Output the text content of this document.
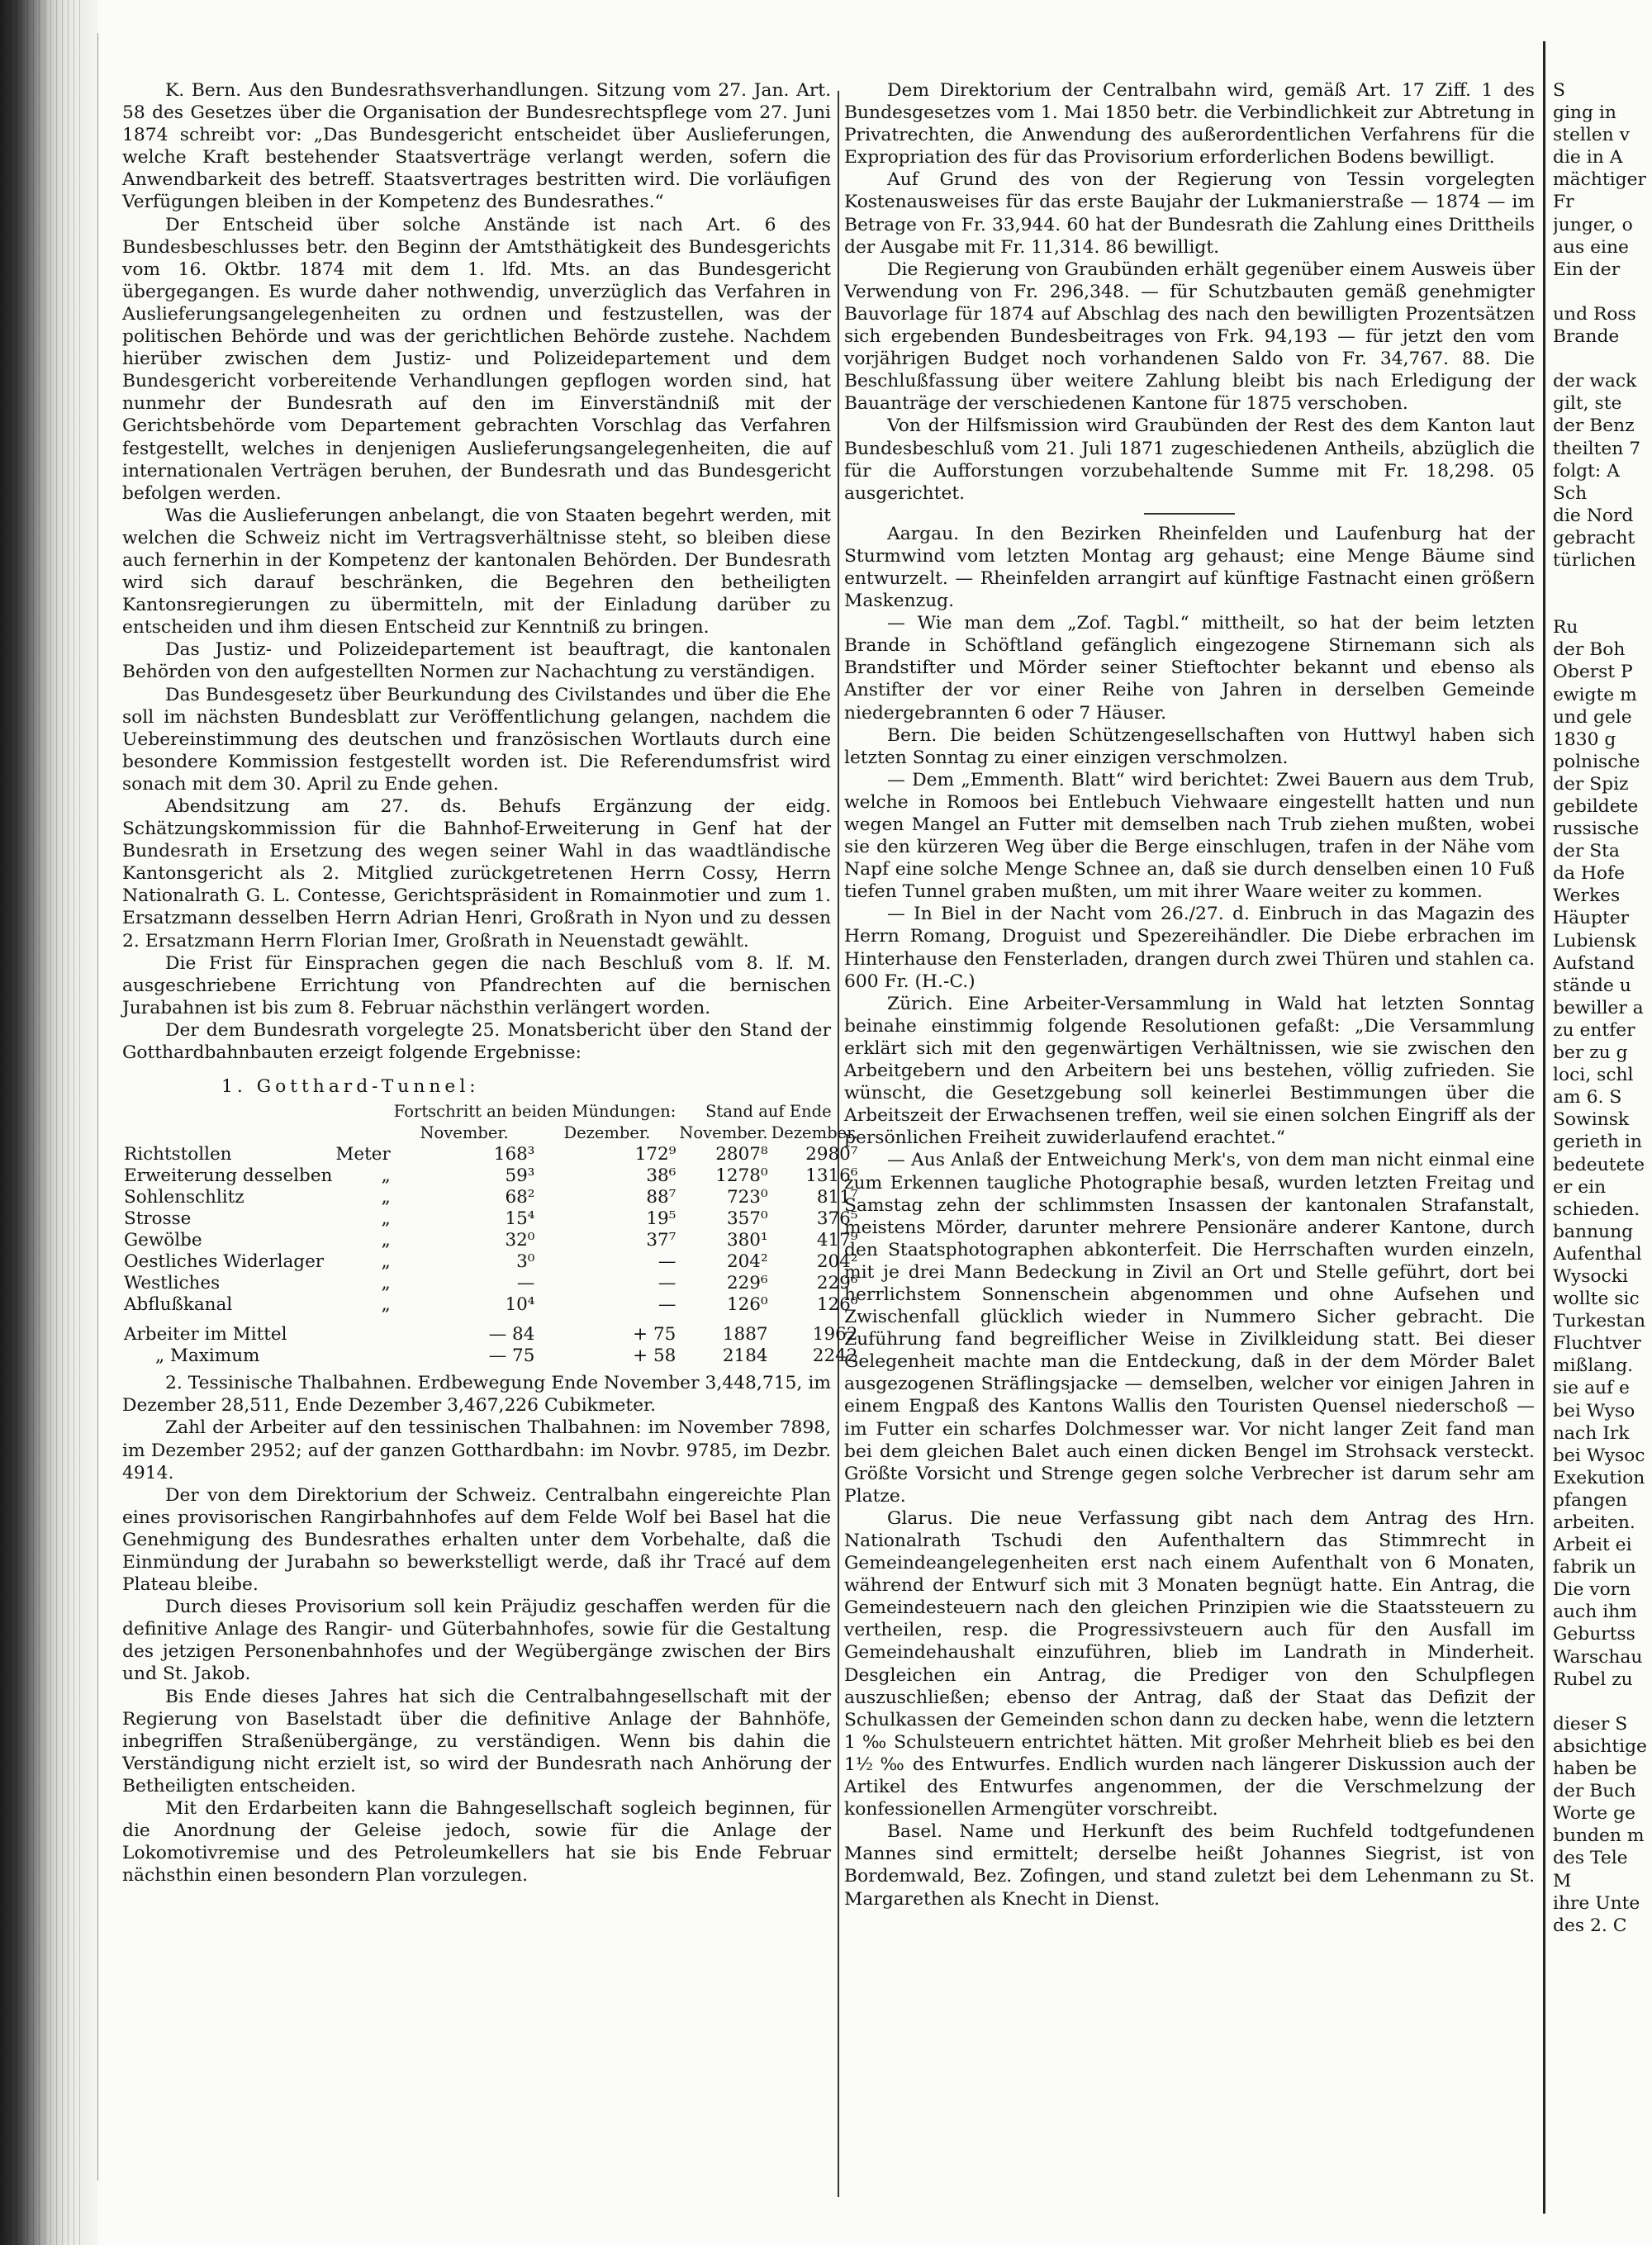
K. Bern. Aus den Bundesrathsverhandlungen. Sitzung vom 27. Jan. Art. 58 des Gesetzes über die Organisation der Bundesrechtspflege vom 27. Juni 1874 schreibt vor: „Das Bundesgericht entscheidet über Auslieferungen, welche Kraft bestehender Staatsverträge verlangt werden, sofern die Anwendbarkeit des betreff. Staatsvertrages bestritten wird. Die vorläufigen Verfügungen bleiben in der Kompetenz des Bundesrathes.“

Der Entscheid über solche Anstände ist nach Art. 6 des Bundesbeschlusses betr. den Beginn der Amtsthätigkeit des Bundesgerichts vom 16. Oktbr. 1874 mit dem 1. lfd. Mts. an das Bundesgericht übergegangen. Es wurde daher nothwendig, unverzüglich das Verfahren in Auslieferungsangelegenheiten zu ordnen und festzustellen, was der politischen Behörde und was der gerichtlichen Behörde zustehe. Nachdem hierüber zwischen dem Justiz- und Polizeidepartement und dem Bundesgericht vorbereitende Verhandlungen gepflogen worden sind, hat nunmehr der Bundesrath auf den im Einverständniß mit der Gerichtsbehörde vom Departement gebrachten Vorschlag das Verfahren festgestellt, welches in denjenigen Auslieferungsangelegenheiten, die auf internationalen Verträgen beruhen, der Bundesrath und das Bundesgericht befolgen werden.

Was die Auslieferungen anbelangt, die von Staaten begehrt werden, mit welchen die Schweiz nicht im Vertragsverhältnisse steht, so bleiben diese auch fernerhin in der Kompetenz der kantonalen Behörden. Der Bundesrath wird sich darauf beschränken, die Begehren den betheiligten Kantonsregierungen zu übermitteln, mit der Einladung darüber zu entscheiden und ihm diesen Entscheid zur Kenntniß zu bringen.

Das Justiz- und Polizeidepartement ist beauftragt, die kantonalen Behörden von den aufgestellten Normen zur Nachachtung zu verständigen.

Das Bundesgesetz über Beurkundung des Civilstandes und über die Ehe soll im nächsten Bundesblatt zur Veröffentlichung gelangen, nachdem die Uebereinstimmung des deutschen und französischen Wortlauts durch eine besondere Kommission festgestellt worden ist. Die Referendumsfrist wird sonach mit dem 30. April zu Ende gehen.

Abendsitzung am 27. ds. Behufs Ergänzung der eidg. Schätzungskommission für die Bahnhof-Erweiterung in Genf hat der Bundesrath in Ersetzung des wegen seiner Wahl in das waadtländische Kantonsgericht als 2. Mitglied zurückgetretenen Herrn Cossy, Herrn Nationalrath G. L. Contesse, Gerichtspräsident in Romainmotier und zum 1. Ersatzmann desselben Herrn Adrian Henri, Großrath in Nyon und zu dessen 2. Ersatzmann Herrn Florian Imer, Großrath in Neuenstadt gewählt.

Die Frist für Einsprachen gegen die nach Beschluß vom 8. lf. M. ausgeschriebene Errichtung von Pfandrechten auf die bernischen Jurabahnen ist bis zum 8. Februar nächsthin verlängert worden.

Der dem Bundesrath vorgelegte 25. Monatsbericht über den Stand der Gotthardbahnbauten erzeigt folgende Ergebnisse:

1. Gotthard-Tunnel:
		Fortschritt an beiden Mündungen:		Stand auf Ende	
		November.	Dezember.	November.	Dezember.
Richtstollen	Meter	168³	172⁹	2807⁸	2980⁷
Erweiterung desselben	„	59³	38⁶	1278⁰	1316⁶
Sohlenschlitz	„	68²	88⁷	723⁰	811⁷
Strosse	„	15⁴	19⁵	357⁰	376⁵
Gewölbe	„	32⁰	37⁷	380¹	417⁹
Oestliches Widerlager	„	3⁰	—	204²	204²
Westliches	„	—	—	229⁶	229⁶
Abflußkanal	„	10⁴	—	126⁰	126⁰

Arbeiter im Mittel		— 84	+ 75	1887	1962
„ Maximum		— 75	+ 58	2184	2242

2. Tessinische Thalbahnen. Erdbewegung Ende November 3,448,715, im Dezember 28,511, Ende Dezember 3,467,226 Cubikmeter.

Zahl der Arbeiter auf den tessinischen Thalbahnen: im November 7898, im Dezember 2952; auf der ganzen Gotthardbahn: im Novbr. 9785, im Dezbr. 4914.

Der von dem Direktorium der Schweiz. Centralbahn eingereichte Plan eines provisorischen Rangirbahnhofes auf dem Felde Wolf bei Basel hat die Genehmigung des Bundesrathes erhalten unter dem Vorbehalte, daß die Einmündung der Jurabahn so bewerkstelligt werde, daß ihr Tracé auf dem Plateau bleibe.

Durch dieses Provisorium soll kein Präjudiz geschaffen werden für die definitive Anlage des Rangir- und Güterbahnhofes, sowie für die Gestaltung des jetzigen Personenbahnhofes und der Wegübergänge zwischen der Birs und St. Jakob.

Bis Ende dieses Jahres hat sich die Centralbahngesellschaft mit der Regierung von Baselstadt über die definitive Anlage der Bahnhöfe, inbegriffen Straßenübergänge, zu verständigen. Wenn bis dahin die Verständigung nicht erzielt ist, so wird der Bundesrath nach Anhörung der Betheiligten entscheiden.

Mit den Erdarbeiten kann die Bahngesellschaft sogleich beginnen, für die Anordnung der Geleise jedoch, sowie für die Anlage der Lokomotivremise und des Petroleumkellers hat sie bis Ende Februar nächsthin einen besondern Plan vorzulegen.

Dem Direktorium der Centralbahn wird, gemäß Art. 17 Ziff. 1 des Bundesgesetzes vom 1. Mai 1850 betr. die Verbindlichkeit zur Abtretung in Privatrechten, die Anwendung des außerordentlichen Verfahrens für die Expropriation des für das Provisorium erforderlichen Bodens bewilligt.

Auf Grund des von der Regierung von Tessin vorgelegten Kostenausweises für das erste Baujahr der Lukmanierstraße — 1874 — im Betrage von Fr. 33,944. 60 hat der Bundesrath die Zahlung eines Drittheils der Ausgabe mit Fr. 11,314. 86 bewilligt.

Die Regierung von Graubünden erhält gegenüber einem Ausweis über Verwendung von Fr. 296,348. — für Schutzbauten gemäß genehmigter Bauvorlage für 1874 auf Abschlag des nach den bewilligten Prozentsätzen sich ergebenden Bundesbeitrages von Frk. 94,193 — für jetzt den vom vorjährigen Budget noch vorhandenen Saldo von Fr. 34,767. 88. Die Beschlußfassung über weitere Zahlung bleibt bis nach Erledigung der Bauanträge der verschiedenen Kantone für 1875 verschoben.

Von der Hilfsmission wird Graubünden der Rest des dem Kanton laut Bundesbeschluß vom 21. Juli 1871 zugeschiedenen Antheils, abzüglich die für die Aufforstungen vorzubehaltende Summe mit Fr. 18,298. 05 ausgerichtet.

Aargau. In den Bezirken Rheinfelden und Laufenburg hat der Sturmwind vom letzten Montag arg gehaust; eine Menge Bäume sind entwurzelt. — Rheinfelden arrangirt auf künftige Fastnacht einen größern Maskenzug.

— Wie man dem „Zof. Tagbl.“ mittheilt, so hat der beim letzten Brande in Schöftland gefänglich eingezogene Stirnemann sich als Brandstifter und Mörder seiner Stieftochter bekannt und ebenso als Anstifter der vor einer Reihe von Jahren in derselben Gemeinde niedergebrannten 6 oder 7 Häuser.

Bern. Die beiden Schützengesellschaften von Huttwyl haben sich letzten Sonntag zu einer einzigen verschmolzen.

— Dem „Emmenth. Blatt“ wird berichtet: Zwei Bauern aus dem Trub, welche in Romoos bei Entlebuch Viehwaare eingestellt hatten und nun wegen Mangel an Futter mit demselben nach Trub ziehen mußten, wobei sie den kürzeren Weg über die Berge einschlugen, trafen in der Nähe vom Napf eine solche Menge Schnee an, daß sie durch denselben einen 10 Fuß tiefen Tunnel graben mußten, um mit ihrer Waare weiter zu kommen.

— In Biel in der Nacht vom 26./27. d. Einbruch in das Magazin des Herrn Romang, Droguist und Spezereihändler. Die Diebe erbrachen im Hinterhause den Fensterladen, drangen durch zwei Thüren und stahlen ca. 600 Fr. (H.-C.)

Zürich. Eine Arbeiter-Versammlung in Wald hat letzten Sonntag beinahe einstimmig folgende Resolutionen gefaßt: „Die Versammlung erklärt sich mit den gegenwärtigen Verhältnissen, wie sie zwischen den Arbeitgebern und den Arbeitern bei uns bestehen, völlig zufrieden. Sie wünscht, die Gesetzgebung soll keinerlei Bestimmungen über die Arbeitszeit der Erwachsenen treffen, weil sie einen solchen Eingriff als der persönlichen Freiheit zuwiderlaufend erachtet.“

— Aus Anlaß der Entweichung Merk's, von dem man nicht einmal eine zum Erkennen taugliche Photographie besaß, wurden letzten Freitag und Samstag zehn der schlimmsten Insassen der kantonalen Strafanstalt, meistens Mörder, darunter mehrere Pensionäre anderer Kantone, durch den Staatsphotographen abkonterfeit. Die Herrschaften wurden einzeln, mit je drei Mann Bedeckung in Zivil an Ort und Stelle geführt, dort bei herrlichstem Sonnenschein abgenommen und ohne Aufsehen und Zwischenfall glücklich wieder in Nummero Sicher gebracht. Die Zuführung fand begreiflicher Weise in Zivilkleidung statt. Bei dieser Gelegenheit machte man die Entdeckung, daß in der dem Mörder Balet ausgezogenen Sträflingsjacke — demselben, welcher vor einigen Jahren in einem Engpaß des Kantons Wallis den Touristen Quensel niederschoß — im Futter ein scharfes Dolchmesser war. Vor nicht langer Zeit fand man bei dem gleichen Balet auch einen dicken Bengel im Strohsack versteckt. Größte Vorsicht und Strenge gegen solche Verbrecher ist darum sehr am Platze.

Glarus. Die neue Verfassung gibt nach dem Antrag des Hrn. Nationalrath Tschudi den Aufenthaltern das Stimmrecht in Gemeindeangelegenheiten erst nach einem Aufenthalt von 6 Monaten, während der Entwurf sich mit 3 Monaten begnügt hatte. Ein Antrag, die Gemeindesteuern nach den gleichen Prinzipien wie die Staatssteuern zu vertheilen, resp. die Progressivsteuern auch für den Ausfall im Gemeindehaushalt einzuführen, blieb im Landrath in Minderheit. Desgleichen ein Antrag, die Prediger von den Schulpflegen auszuschließen; ebenso der Antrag, daß der Staat das Defizit der Schulkassen der Gemeinden schon dann zu decken habe, wenn die letztern 1 ‰ Schulsteuern entrichtet hätten. Mit großer Mehrheit blieb es bei den 1½ ‰ des Entwurfes. Endlich wurden nach längerer Diskussion auch der Artikel des Entwurfes angenommen, der die Verschmelzung der konfessionellen Armengüter vorschreibt.

Basel. Name und Herkunft des beim Ruchfeld todtgefundenen Mannes sind ermittelt; derselbe heißt Johannes Siegrist, ist von Bordemwald, Bez. Zofingen, und stand zuletzt bei dem Lehenmann zu St. Margarethen als Knecht in Dienst.

S
ging in
stellen v
die in A
mächtiger
Fr
junger, o
aus eine
Ein der

und Ross
Brande

der wack
gilt, ste
der Benz
theilten 7
folgt: A
Sch
die Nord
gebracht
türlichen

Ru
der Boh
Oberst P
ewigte m
und gele
1830 g
polnische
der Spiz
gebildete
russische
der Sta
da Hofe
Werkes
Häupter
Lubiensk
Aufstand
stände u
bewiller a
zu entfer
ber zu g
loci, schl
am 6. S
Sowinsk
gerieth in
bedeutete
er ein
schieden.
bannung
Aufenthal
Wysocki
wollte sic
Turkestan
Fluchtver
mißlang.
sie auf e
bei Wyso
nach Irk
bei Wysoc
Exekution
pfangen
arbeiten.
Arbeit ei
fabrik un
Die vorn
auch ihm
Geburtss
Warschau
Rubel zu

dieser S
absichtige
haben be
der Buch
Worte ge
bunden m
des Tele
M
ihre Unte
des 2. C
